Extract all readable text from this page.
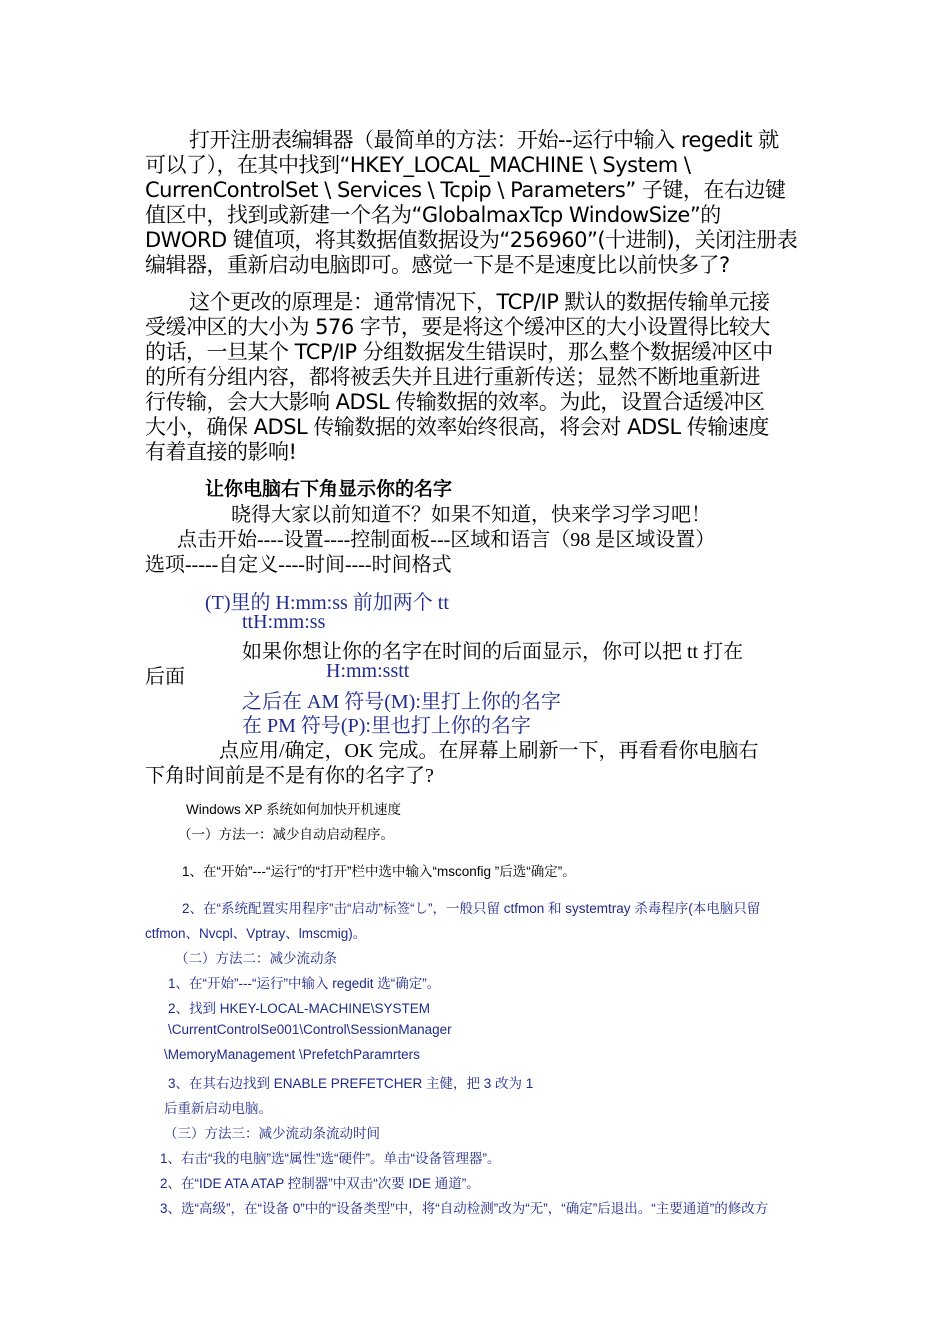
打开注册表编辑器（最简单的方法：开始--运行中输入 regedit 就
可以了），在其中找到“HKEY_LOCAL_MACHINE \ System \
CurrenControlSet \ Services \ Tcpip \ Parameters” 子键，在右边键
值区中，找到或新建一个名为“GlobalmaxTcp WindowSize”的
DWORD 键值项，将其数据值数据设为“256960”(十进制)，关闭注册表
编辑器，重新启动电脑即可。感觉一下是不是速度比以前快多了?
这个更改的原理是：通常情况下，TCP/IP 默认的数据传输单元接
受缓冲区的大小为 576 字节，要是将这个缓冲区的大小设置得比较大
的话，一旦某个 TCP/IP 分组数据发生错误时，那么整个数据缓冲区中
的所有分组内容，都将被丢失并且进行重新传送；显然不断地重新进
行传输，会大大影响 ADSL 传输数据的效率。为此，设置合适缓冲区
大小，确保 ADSL 传输数据的效率始终很高，将会对 ADSL 传输速度
有着直接的影响!
让你电脑右下角显示你的名字
晓得大家以前知道不？如果不知道，快来学习学习吧！
点击开始----设置----控制面板---区域和语言（98 是区域设置）
选项-----自定义----时间----时间格式
(T)里的 H:mm:ss 前加两个 tt
ttH:mm:ss
如果你想让你的名字在时间的后面显示，你可以把 tt 打在
后面	H:mm:sstt
之后在 AM 符号(M):里打上你的名字
在 PM 符号(P):里也打上你的名字
点应用/确定，OK 完成。在屏幕上刷新一下，再看看你电脑右
下角时间前是不是有你的名字了?
Windows XP 系统如何加快开机速度
（一）方法一：减少自动启动程序。
1、在“开始”---“运行”的“打开”栏中选中输入“msconfig ”后选“确定”。
2、在“系统配置实用程序”击“启动”标签“し”，一般只留 ctfmon 和 systemtray 杀毒程序(本电脑只留
ctfmon、Nvcpl、Vptray、lmscmig)。
（二）方法二：减少流动条
1、在“开始”---“运行”中输入 regedit 选“确定”。
2、找到 HKEY-LOCAL-MACHINE\SYSTEM
\CurrentControlSe001\Control\SessionManager
\MemoryManagement \PrefetchParamrters
3、在其右边找到 ENABLE PREFETCHER 主健，把 3 改为 1
后重新启动电脑。
（三）方法三：减少流动条流动时间
1、右击“我的电脑”选“属性”选“硬件”。单击“设备管理器”。
2、在“IDE ATA ATAP 控制器”中双击“次要 IDE 通道”。
3、选“高级”，在“设备 0”中的“设备类型”中，将“自动检测”改为“无”，“确定”后退出。“主要通道”的修改方
